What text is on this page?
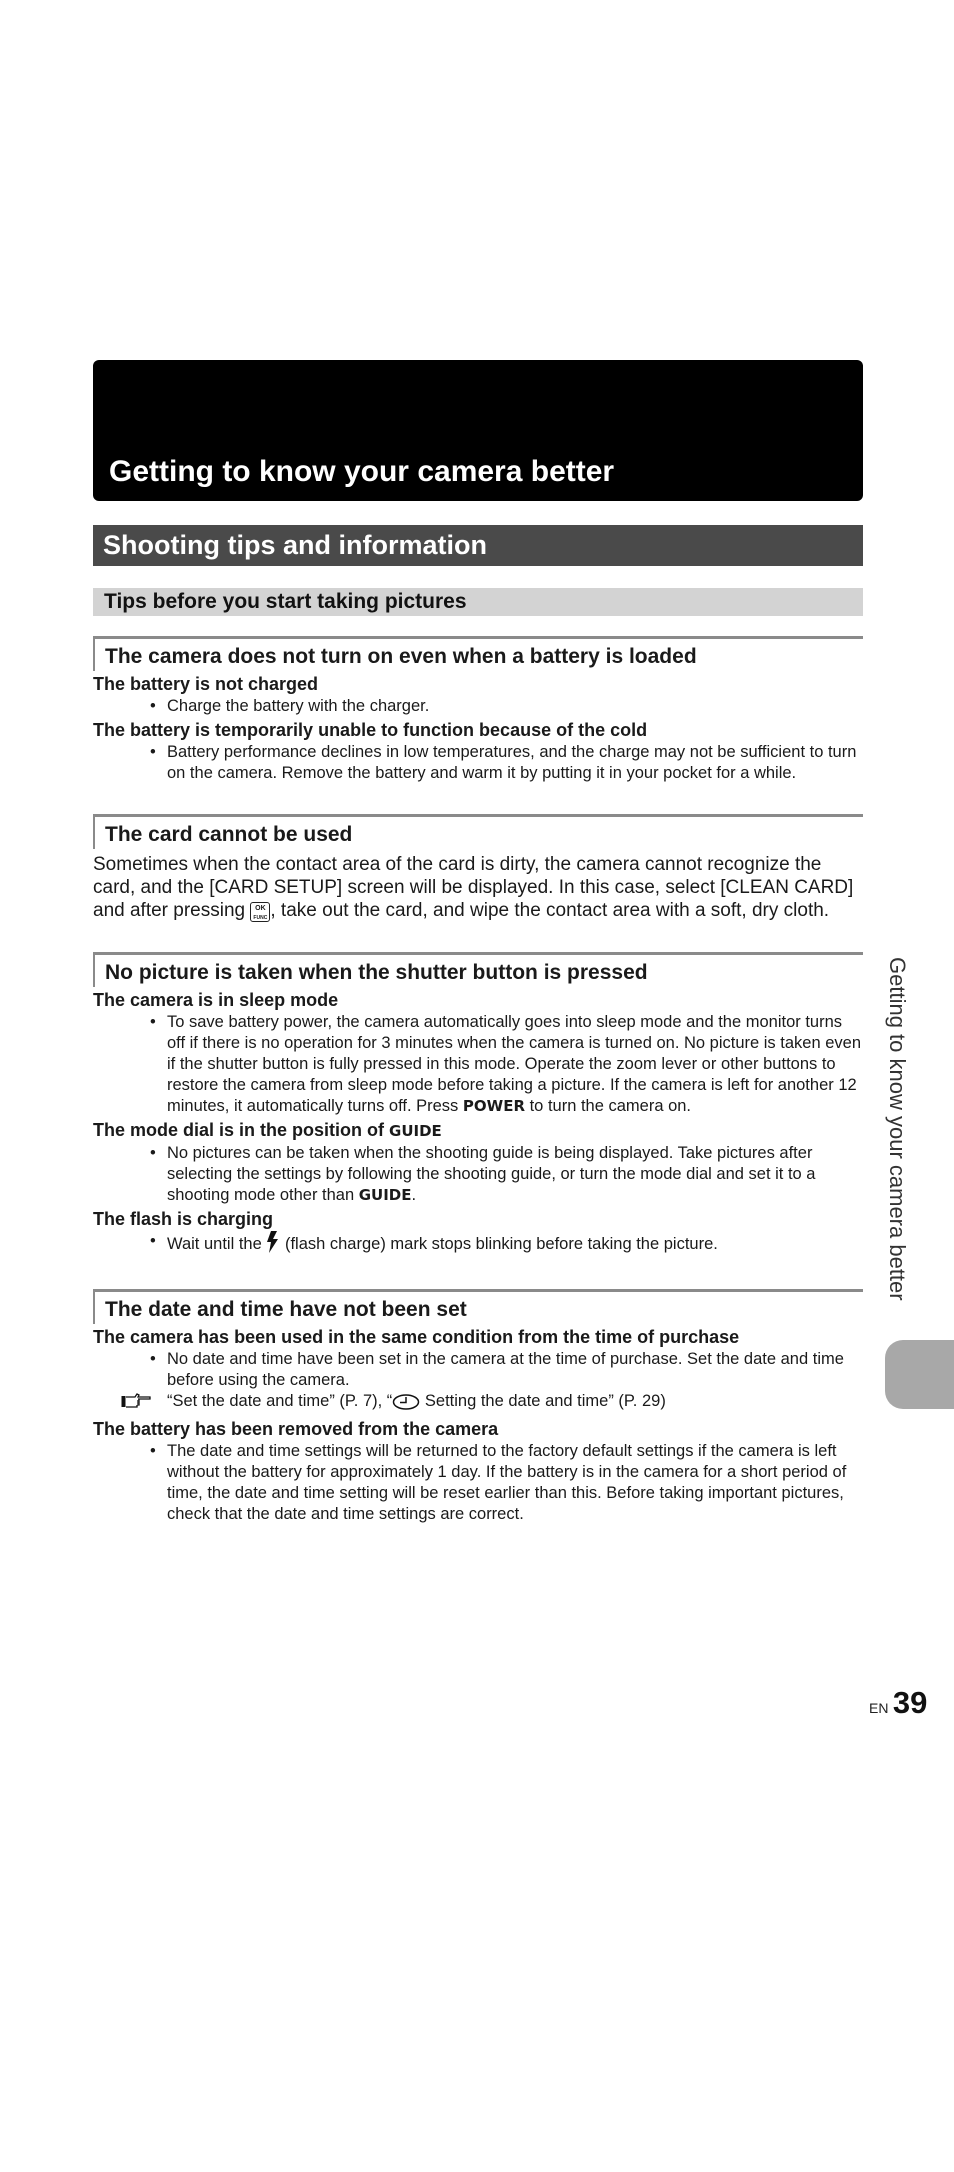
Getting to know your camera better
Shooting tips and information
Tips before you start taking pictures
The camera does not turn on even when a battery is loaded
The battery is not charged
• Charge the battery with the charger.
The battery is temporarily unable to function because of the cold
• Battery performance declines in low temperatures, and the charge may not be sufficient to turn on the camera. Remove the battery and warm it by putting it in your pocket for a while.
The card cannot be used
Sometimes when the contact area of the card is dirty, the camera cannot recognize the card, and the [CARD SETUP] screen will be displayed. In this case, select [CLEAN CARD] and after pressing OK
FUNC , take out the card, and wipe the contact area with a soft, dry cloth.
No picture is taken when the shutter button is pressed
The camera is in sleep mode
• To save battery power, the camera automatically goes into sleep mode and the monitor turns off if there is no operation for 3 minutes when the camera is turned on. No picture is taken even if the shutter button is fully pressed in this mode. Operate the zoom lever or other buttons to restore the camera from sleep mode before taking a picture. If the camera is left for another 12 minutes, it automatically turns off. Press POWER to turn the camera on.
The mode dial is in the position of GUIDE
• No pictures can be taken when the shooting guide is being displayed. Take pictures after selecting the settings by following the shooting guide, or turn the mode dial and set it to a shooting mode other than GUIDE.
The flash is charging
• Wait until the (flash charge) mark stops blinking before taking the picture.
The date and time have not been set
The camera has been used in the same condition from the time of purchase
• No date and time have been set in the camera at the time of purchase. Set the date and time before using the camera.
“Set the date and time” (P. 7), “ Setting the date and time” (P. 29)
The battery has been removed from the camera
• The date and time settings will be returned to the factory default settings if the camera is left without the battery for approximately 1 day. If the battery is in the camera for a short period of time, the date and time setting will be reset earlier than this. Before taking important pictures, check that the date and time settings are correct.
Getting to know your camera better
EN 39
